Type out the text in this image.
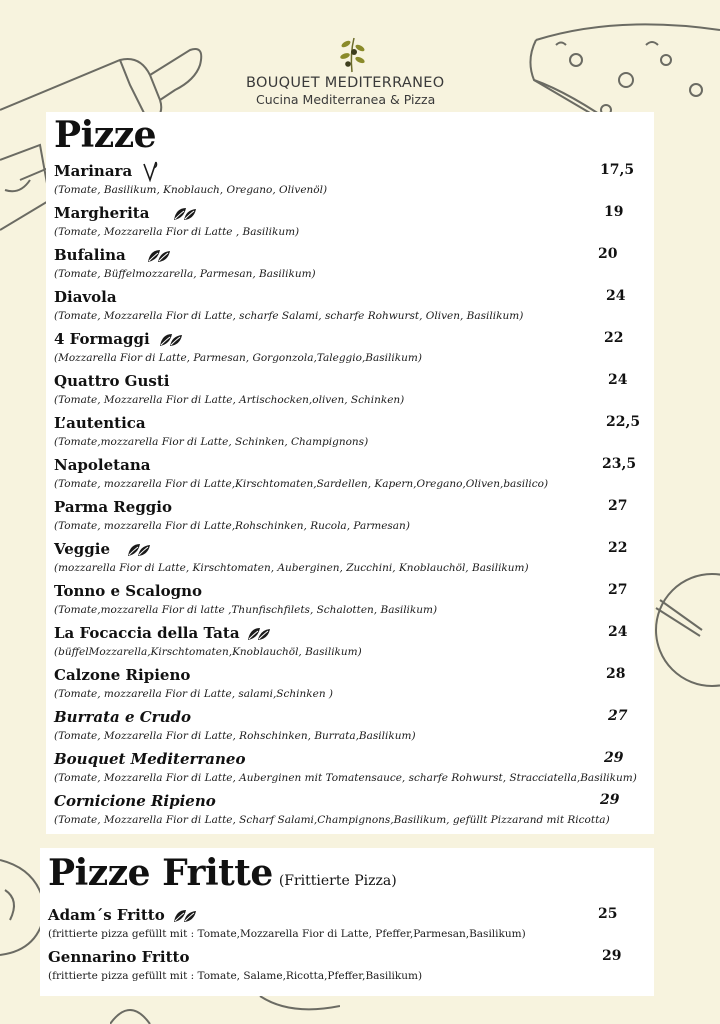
BOUQUET MEDITERRANEO
Cucina Mediterranea & Pizza
Pizze
Marinara	17,5
(Tomate, Basilikum, Knoblauch, Oregano, Olivenöl)
Margherita	19
(Tomate, Mozzarella Fior di Latte , Basilikum)
Bufalina	20
(Tomate, Büffelmozzarella, Parmesan, Basilikum)
Diavola	24
(Tomate, Mozzarella Fior di Latte, scharfe Salami, scharfe Rohwurst, Oliven, Basilikum)
4 Formaggi	22
(Mozzarella Fior di Latte, Parmesan, Gorgonzola,Taleggio,Basilikum)
Quattro Gusti	24
(Tomate, Mozzarella Fior di Latte, Artischocken,oliven, Schinken)
L’autentica	22,5
(Tomate,mozzarella Fior di Latte, Schinken, Champignons)
Napoletana	23,5
(Tomate, mozzarella Fior di Latte,Kirschtomaten,Sardellen, Kapern,Oregano,Oliven,basilico)
Parma Reggio	27
(Tomate, mozzarella Fior di Latte,Rohschinken, Rucola, Parmesan)
Veggie	22
(mozzarella Fior di Latte, Kirschtomaten, Auberginen, Zucchini, Knoblauchöl, Basilikum)
Tonno e Scalogno	27
(Tomate,mozzarella Fior di latte ,Thunfischfilets, Schalotten, Basilikum)
La Focaccia della Tata	24
(büffelMozzarella,Kirschtomaten,Knoblauchöl, Basilikum)
Calzone Ripieno	28
(Tomate, mozzarella Fior di Latte, salami,Schinken )
Burrata e Crudo	27
(Tomate, Mozzarella Fior di Latte, Rohschinken, Burrata,Basilikum)
Bouquet Mediterraneo	29
(Tomate, Mozzarella Fior di Latte, Auberginen mit Tomatensauce, scharfe Rohwurst, Stracciatella,Basilikum)
Cornicione Ripieno	29
(Tomate, Mozzarella Fior di Latte, Scharf Salami,Champignons,Basilikum, gefüllt Pizzarand mit Ricotta)
Pizze Fritte (Frittierte Pizza)
Adam´s Fritto	25
(frittierte pizza gefüllt mit : Tomate,Mozzarella Fior di Latte, Pfeffer,Parmesan,Basilikum)
Gennarino Fritto	29
(frittierte pizza gefüllt mit : Tomate, Salame,Ricotta,Pfeffer,Basilikum)
